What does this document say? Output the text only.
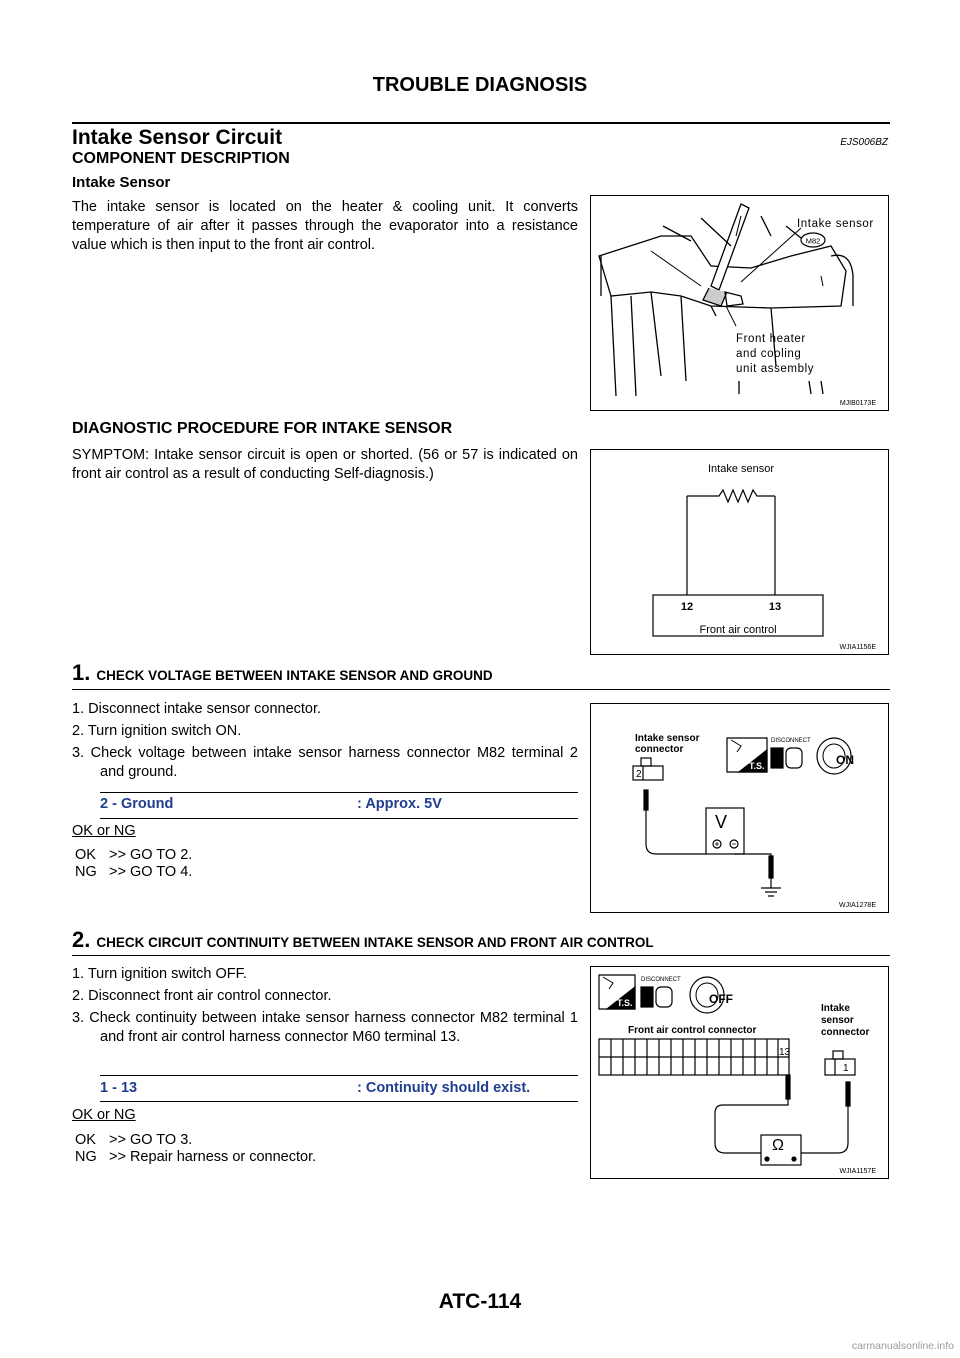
TROUBLE DIAGNOSIS
Intake Sensor Circuit	EJS006BZ
COMPONENT DESCRIPTION
Intake Sensor
The intake sensor is located on the heater & cooling unit. It converts temperature of air after it passes through the evaporator into a resistance value which is then input to the front air control.
Intake sensor
M82
Front heater
and cooling
unit assembly
MJIB0173E
DIAGNOSTIC PROCEDURE FOR INTAKE SENSOR
SYMPTOM: Intake sensor circuit is open or shorted. (56 or 57 is indicated on front air control as a result of conducting Self-diagnosis.)	Intake sensor
12	13
Front air control
WJIA1156E
1. CHECK VOLTAGE BETWEEN INTAKE SENSOR AND GROUND
1. Disconnect intake sensor connector.
2. Turn ignition switch ON.
3. Check voltage between intake sensor harness connector M82 terminal 2 and ground.
2 - Ground	: Approx. 5V
OK or NG
OK >> GO TO 2.
NG >> GO TO 4.
Intake sensor
connector
2
T.S.
DISCONNECT
ON
V
WJIA1278E
2. CHECK CIRCUIT CONTINUITY BETWEEN INTAKE SENSOR AND FRONT AIR CONTROL
1. Turn ignition switch OFF.
2. Disconnect front air control connector.
3. Check continuity between intake sensor harness connector M82 terminal 1 and front air control harness connector M60 terminal 13.
1 - 13	: Continuity should exist.
OK or NG
OK >> GO TO 3.
NG >> Repair harness or connector.
T.S.
DISCONNECT
OFF
Front air control connector
Intake
sensor
connector
13
1
Ω
WJIA1157E
ATC-114
carmanualsonline.info
